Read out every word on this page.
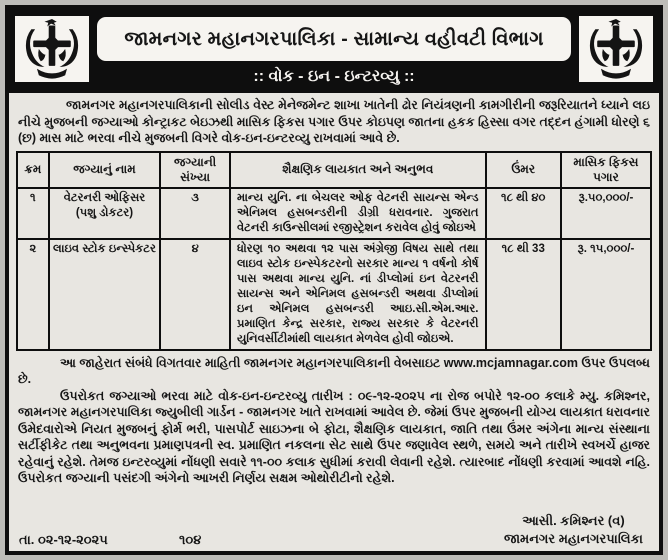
જામનગર મહાનગરપાલિકા - સામાન્ય વહીવટી વિભાગ
:: વોક - ઇન - ઇન્ટરવ્યુ ::

જામનગર મહાનગરપાલિકાની સોલીડ વેસ્ટ મેનેજમેન્ટ શાખા ખાતેની ઢોર નિયંત્રણની કામગીરીની જરૂરિયાતને ધ્યાને લઇ નીચે મુજબની જગ્યાઓ કોન્ટ્રાકટ બેઇઝથી માસિક ફિકસ પગાર ઉપર કોઇપણ જાતના હકક હિસ્સા વગર તદ્દન હંગામી ધોરણે ૬ (છ) માસ માટે ભરવા નીચે મુજબની વિગરે વોક-ઇન-ઇન્ટરવ્યુ રાખવામાં આવે છે.

ક્રમ	જગ્યાનું નામ	જગ્યાની સંખ્યા	શૈક્ષણિક લાયકાત અને અનુભવ	ઉંમર	માસિક ફિકસ પગાર
૧	વેટરનરી ઓફિસર (પશુ ડોકટર)	૩	માન્ય યુનિ. ના બેચલર ઓફ વેટનરી સાયન્સ એન્ડ એનિમલ હસબન્ડરીની ડીગ્રી ધરાવનાર. ગુજરાત વેટનરી કાઉન્સીલમાં રજીસ્ટ્રેશન કરાવેલ હોવું જોઇએ	૧૮ થી ૪૦	રૂ.૫૦,૦૦૦/-
૨	લાઇવ સ્ટોક ઇન્સ્પેકટર	૪	ધોરણ ૧૦ અથવા ૧૨ પાસ અંગ્રેજી વિષય સાથે તથા લાઇવ સ્ટોક ઇન્સ્પેકટરનો સરકાર માન્ય ૧ વર્ષનો કોર્ષ પાસ અથવા માન્ય યુનિ. નાં ડીપ્લોમાં ઇન વેટરનરી સાયન્સ અને એનિમલ હસબન્ડરી અથવા ડીપ્લોમાં ઇન એનિમલ હસબન્ડરી આઇ.સી.એમ.આર. પ્રમાણિત કેન્દ્ર સરકાર, રાજ્ય સરકાર કે વેટરનરી યુનિવર્સીટીમાંથી લાયકાત મેળવેલ હોવી જોઇએ.	૧૮ થી 33	રૂ. ૧૫,૦૦૦/-

આ જાહેરાત સંબંધે વિગતવાર માહિતી જામનગર મહાનગરપાલિકાની વેબસાઇટ www.mcjamnagar.com ઉપર ઉપલબ્ધ છે.

ઉપરોકત જગ્યાઓ ભરવા માટે વોક-ઇન-ઇન્ટરવ્યુ તારીખ : ૦૯-૧૨-૨૦૨૫ ના રોજ બપોરે ૧૨-૦૦ કલાકે મ્યુ. કમિશ્નર, જામનગર મહાનગરપાલિકા જ્યુબીલી ગાર્ડન - જામનગર ખાતે રાખવામાં આવેલ છે. જેમાં ઉપર મુજબની યોગ્ય લાયકાત ધરાવનાર ઉમેદવારોએ નિયત મુજબનું ફોર્મ ભરી, પાસપોર્ટ સાઇઝના બે ફોટા, શૈક્ષણિક લાયકાત, જાતિ તથા ઉંમર અંગેના માન્ય સંસ્થાના સર્ટીફીકેટ તથા અનુભવના પ્રમાણપત્રની સ્વ. પ્રમાણિત નકલના સેટ સાથે ઉપર જણાવેલ સ્થળે, સમયે અને તારીખે સ્વખર્ચે હાજર રહેવાનું રહેશે. તેમજ ઇન્ટરવ્યુમાં નોંધણી સવારે ૧૧-૦૦ કલાક સુધીમાં કરાવી લેવાની રહેશે. ત્યારબાદ નોંધણી કરવામાં આવશે નહિ. ઉપરોકત જગ્યાની પસંદગી અંગેનો આખરી નિર્ણય સક્ષમ ઓથોરીટીનો રહેશે.

આસી. કમિશ્નર (વ)
જામનગર મહાનગરપાલિકા
તા. ૦૨-૧૨-૨૦૨૫	૧૦૪
